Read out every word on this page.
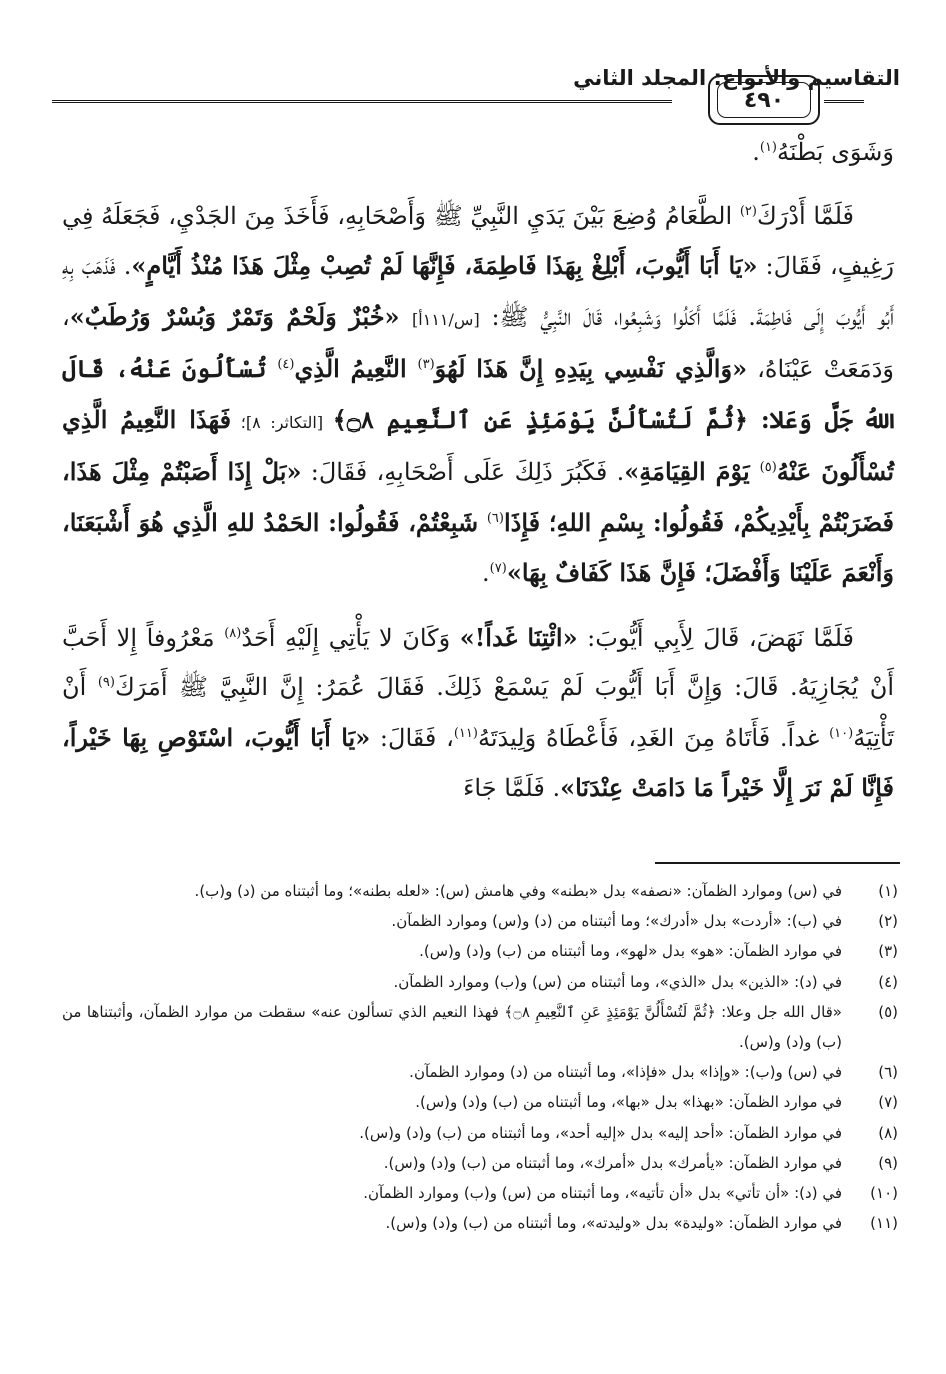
٤٩٠
التقاسيم والأنواع: المجلد الثاني

وَشَوَى بَطْنَهُ$^{(١)}$.

فَلَمَّا أَدْرَكَ$^{(٢)}$ الطَّعَامُ وُضِعَ بَيْنَ يَدَيِ النَّبِيِّ ﷺ وَأَصْحَابِهِ، فَأَخَذَ مِنَ الجَدْيِ، فَجَعَلَهُ فِي رَغِيفٍ، فَقَالَ: «يَا أَبَا أَيُّوبَ، أَبْلِغْ بِهَذَا فَاطِمَةَ، فَإِنَّهَا لَمْ تُصِبْ مِثْلَ هَذَا مُنْذُ أَيَّامٍ». فَذَهَبَ بِهِ أَبُو أَيُّوبَ إِلَى فَاطِمَةَ. فَلَمَّا أَكَلُوا وَشَبِعُوا، قَالَ النَّبِيُّ ﷺ: [س/١١١أ] «خُبْزٌ وَلَحْمٌ وَتَمْرٌ وَبُسْرٌ وَرُطَبٌ»، وَدَمَعَتْ عَيْنَاهُ، «وَالَّذِي نَفْسِي بِيَدِهِ إِنَّ هَذَا لَهُوَ$^{(٣)}$ النَّعِيمُ الَّذِي$^{(٤)}$ تُسْأَلُونَ عَنْهُ، قَالَ اللهُ جَلَّ وَعَلا: ﴿ثُمَّ لَتُسْأَلُنَّ يَوْمَئِذٍ عَنِ ٱلنَّعِيمِ ۝٨﴾ [التكاثر: ٨]؛ فَهَذَا النَّعِيمُ الَّذِي تُسْأَلُونَ عَنْهُ$^{(٥)}$ يَوْمَ القِيَامَةِ». فَكَبُرَ ذَلِكَ عَلَى أَصْحَابِهِ، فَقَالَ: «بَلْ إِذَا أَصَبْتُمْ مِثْلَ هَذَا، فَضَرَبْتُمْ بِأَيْدِيكُمْ، فَقُولُوا: بِسْمِ اللهِ؛ فَإِذَا$^{(٦)}$ شَبِعْتُمْ، فَقُولُوا: الحَمْدُ للهِ الَّذِي هُوَ أَشْبَعَنَا، وَأَنْعَمَ عَلَيْنَا وَأَفْضَلَ؛ فَإِنَّ هَذَا كَفَافٌ بِهَا»$^{(٧)}$.

فَلَمَّا نَهَضَ، قَالَ لِأَبِي أَيُّوبَ: «ائْتِنَا غَداً!» وَكَانَ لا يَأْتِي إِلَيْهِ أَحَدٌ$^{(٨)}$ مَعْرُوفاً إِلا أَحَبَّ أَنْ يُجَازِيَهُ. قَالَ: وَإِنَّ أَبَا أَيُّوبَ لَمْ يَسْمَعْ ذَلِكَ. فَقَالَ عُمَرُ: إِنَّ النَّبِيَّ ﷺ أَمَرَكَ$^{(٩)}$ أَنْ تَأْتِيَهُ$^{(١٠)}$ غداً. فَأَتَاهُ مِنَ الغَدِ، فَأَعْطَاهُ وَلِيدَتَهُ$^{(١١)}$، فَقَالَ: «يَا أَبَا أَيُّوبَ، اسْتَوْصِ بِهَا خَيْراً، فَإِنَّا لَمْ نَرَ إِلَّا خَيْراً مَا دَامَتْ عِنْدَنَا». فَلَمَّا جَاءَ

(١)
في (س) وموارد الظمآن: «نصفه» بدل «بطنه» وفي هامش (س): «لعله بطنه»؛ وما أثبتناه من (د) و(ب).
(٢)
في (ب): «أردت» بدل «أدرك»؛ وما أثبتناه من (د) و(س) وموارد الظمآن.
(٣)
في موارد الظمآن: «هو» بدل «لهو»، وما أثبتناه من (ب) و(د) و(س).
(٤)
في (د): «الذين» بدل «الذي»، وما أثبتناه من (س) و(ب) وموارد الظمآن.
(٥)
«قال الله جل وعلا: ﴿ثُمَّ لَتُسْأَلُنَّ يَوْمَئِذٍ عَنِ ٱلنَّعِيمِ ۝٨﴾ فهذا النعيم الذي تسألون عنه» سقطت من موارد الظمآن، وأثبتناها من (ب) و(د) و(س).
(٦)
في (س) و(ب): «وإذا» بدل «فإذا»، وما أثبتناه من (د) وموارد الظمآن.
(٧)
في موارد الظمآن: «بهذا» بدل «بها»، وما أثبتناه من (ب) و(د) و(س).
(٨)
في موارد الظمآن: «أحد إليه» بدل «إليه أحد»، وما أثبتناه من (ب) و(د) و(س).
(٩)
في موارد الظمآن: «يأمرك» بدل «أمرك»، وما أثبتناه من (ب) و(د) و(س).
(١٠)
في (د): «أن تأتي» بدل «أن تأتيه»، وما أثبتناه من (س) و(ب) وموارد الظمآن.
(١١)
في موارد الظمآن: «وليدة» بدل «وليدته»، وما أثبتناه من (ب) و(د) و(س).
